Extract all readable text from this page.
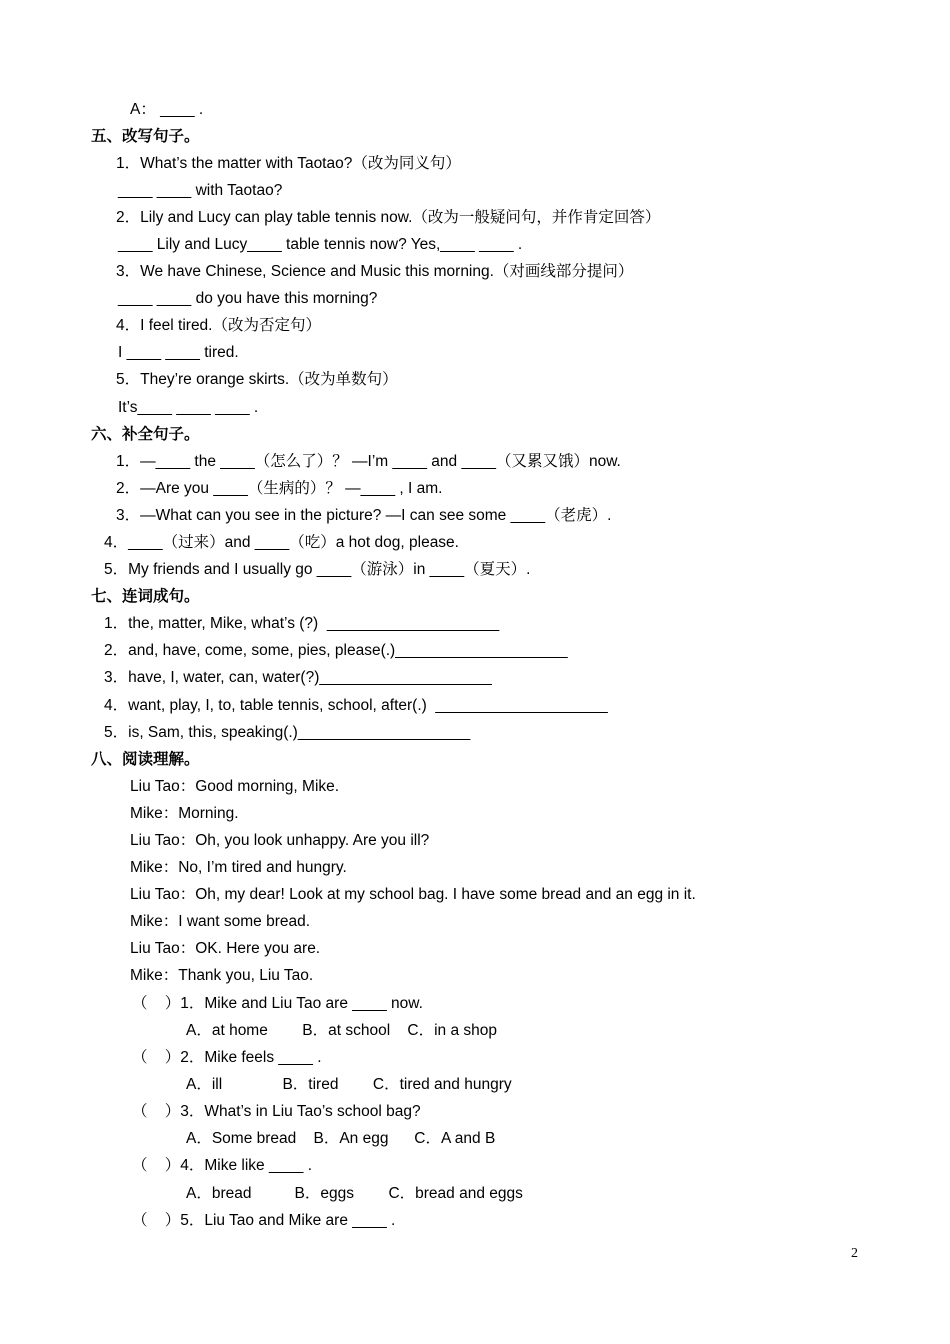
A： ____ .
五、改写句子。
1．What’s the matter with Taotao?（改为同义句）
____ ____ with Taotao?
2．Lily and Lucy can play table tennis now.（改为一般疑问句，并作肯定回答）
____ Lily and Lucy____ table tennis now? Yes,____ ____ .
3．We have Chinese, Science and Music this morning.（对画线部分提问）
____ ____ do you have this morning?
4．I feel tired.（改为否定句）
I ____ ____ tired.
5．They’re orange skirts.（改为单数句）
It’s____ ____ ____ .
六、补全句子。
1．—____ the ____（怎么了）？ —I’m ____ and ____（又累又饿）now.
2．—Are you ____（生病的）？ —____ , I am.
3．—What can you see in the picture? —I can see some ____（老虎）.
4．____（过来）and ____（吃）a hot dog, please.
5．My friends and I usually go ____（游泳）in ____（夏天）.
七、连词成句。
1．the, matter, Mike, what’s (?)  ____________________
2．and, have, come, some, pies, please(.)____________________
3．have, I, water, can, water(?)____________________
4．want, play, I, to, table tennis, school, after(.)  ____________________
5．is, Sam, this, speaking(.)____________________
八、阅读理解。
Liu Tao：Good morning, Mike.
Mike：Morning.
Liu Tao：Oh, you look unhappy. Are you ill?
Mike：No, I’m tired and hungry.
Liu Tao：Oh, my dear! Look at my school bag. I have some bread and an egg in it.
Mike：I want some bread.
Liu Tao：OK. Here you are.
Mike：Thank you, Liu Tao.
（    ）1．Mike and Liu Tao are ____ now.
A．at home        B．at school    C．in a shop
（    ）2．Mike feels ____ .
A．ill              B．tired        C．tired and hungry
（    ）3．What’s in Liu Tao’s school bag?
A．Some bread    B．An egg      C．A and B
（    ）4．Mike like ____ .
A．bread          B．eggs        C．bread and eggs
（    ）5．Liu Tao and Mike are ____ .
2
